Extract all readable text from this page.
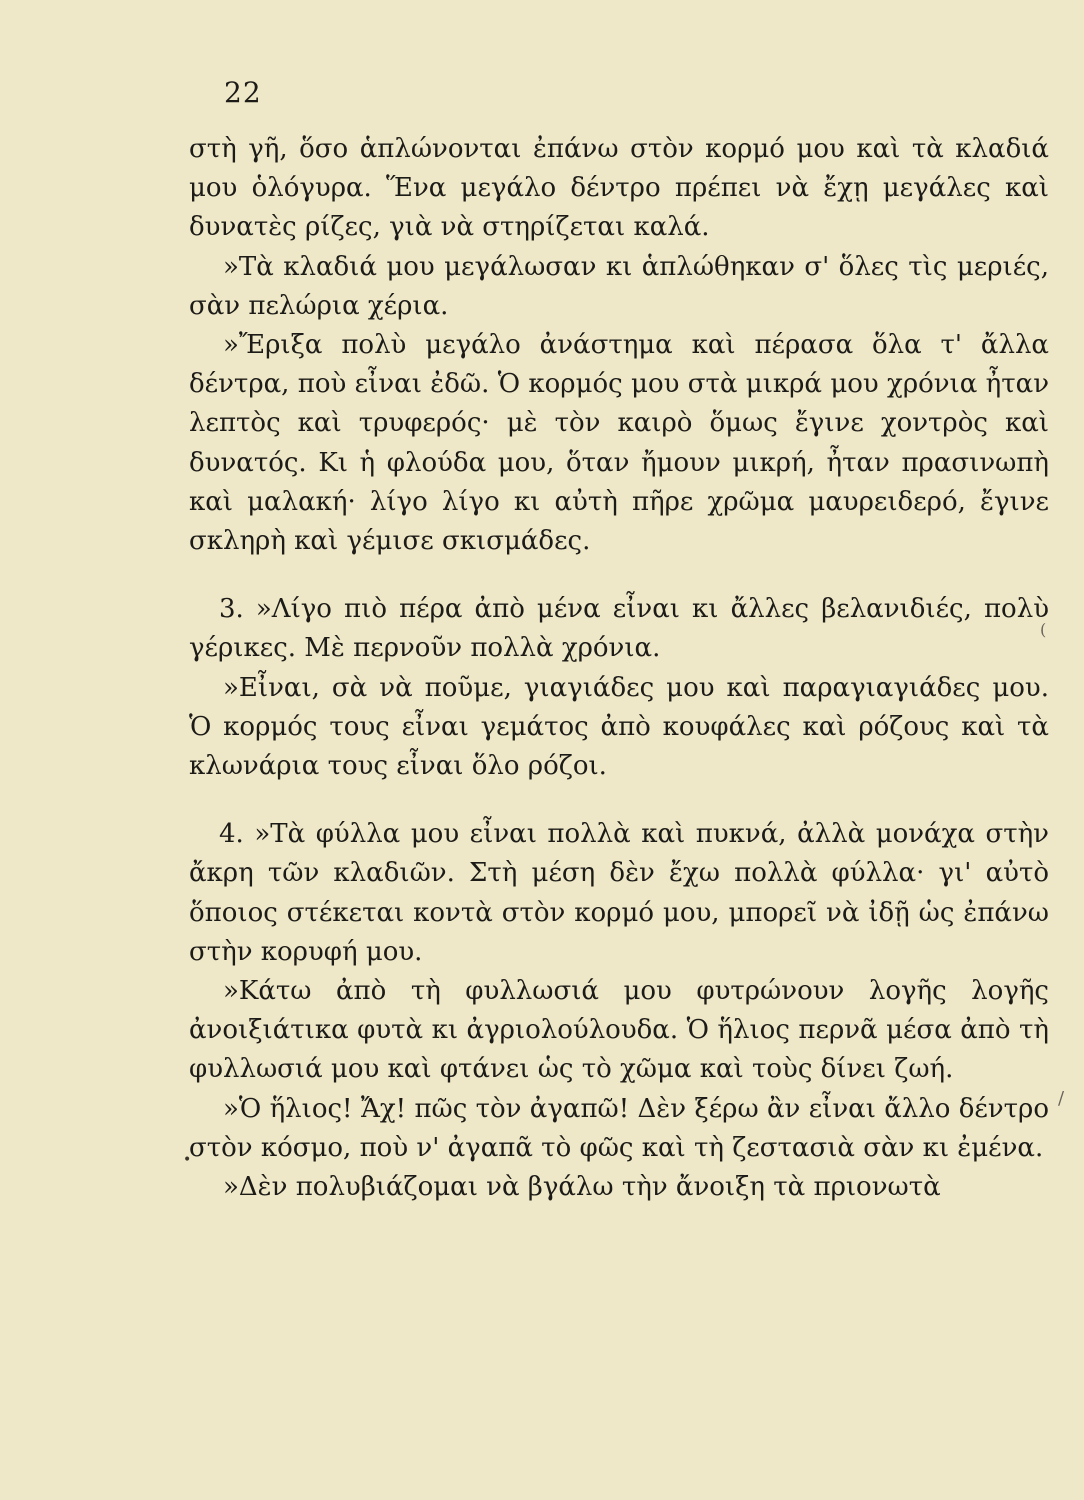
22

στὴ γῆ, ὅσο ἁπλώνονται ἐπάνω στὸν κορμό μου καὶ τὰ κλαδιά μου ὁλόγυρα. Ἕνα μεγάλο δέντρο πρέπει νὰ ἔχῃ μεγάλες καὶ δυνατὲς ρίζες, γιὰ νὰ στηρίζεται καλά.

»Τὰ κλαδιά μου μεγάλωσαν κι ἁπλώθηκαν σ' ὅλες τὶς μεριές, σὰν πελώρια χέρια.

»Ἔριξα πολὺ μεγάλο ἀνάστημα καὶ πέρασα ὅλα τ' ἄλλα δέντρα, ποὺ εἶναι ἐδῶ. Ὁ κορμός μου στὰ μικρά μου χρόνια ἦταν λεπτὸς καὶ τρυφερός· μὲ τὸν καιρὸ ὅμως ἔγινε χοντρὸς καὶ δυνατός. Κι ἡ φλούδα μου, ὅταν ἤμουν μικρή, ἦταν πρασινωπὴ καὶ μαλακή· λίγο λίγο κι αὐτὴ πῆρε χρῶμα μαυρειδερό, ἔγινε σκληρὴ καὶ γέμισε σκισμάδες.

3. »Λίγο πιὸ πέρα ἀπὸ μένα εἶναι κι ἄλλες βελανιδιές, πολὺ γέρικες. Μὲ περνοῦν πολλὰ χρόνια.

»Εἶναι, σὰ νὰ ποῦμε, γιαγιάδες μου καὶ παραγιαγιάδες μου. Ὁ κορμός τους εἶναι γεμάτος ἀπὸ κουφάλες καὶ ρόζους καὶ τὰ κλωνάρια τους εἶναι ὅλο ρόζοι.

4. »Τὰ φύλλα μου εἶναι πολλὰ καὶ πυκνά, ἀλλὰ μονάχα στὴν ἄκρη τῶν κλαδιῶν. Στὴ μέση δὲν ἔχω πολλὰ φύλλα· γι' αὐτὸ ὅποιος στέκεται κοντὰ στὸν κορμό μου, μπορεῖ νὰ ἰδῇ ὡς ἐπάνω στὴν κορυφή μου.

»Κάτω ἀπὸ τὴ φυλλωσιά μου φυτρώνουν λογῆς λογῆς ἀνοιξιάτικα φυτὰ κι ἀγριολούλουδα. Ὁ ἥλιος περνᾶ μέσα ἀπὸ τὴ φυλλωσιά μου καὶ φτάνει ὡς τὸ χῶμα καὶ τοὺς δίνει ζωή.

»Ὁ ἥλιος! Ἄχ! πῶς τὸν ἀγαπῶ! Δὲν ξέρω ἂν εἶναι ἄλλο δέντρο στὸν κόσμο, ποὺ ν' ἀγαπᾶ τὸ φῶς καὶ τὴ ζεστασιὰ σὰν κι ἐμένα.

»Δὲν πολυβιάζομαι νὰ βγάλω τὴν ἄνοιξη τὰ πριονωτὰ

•
(
/
